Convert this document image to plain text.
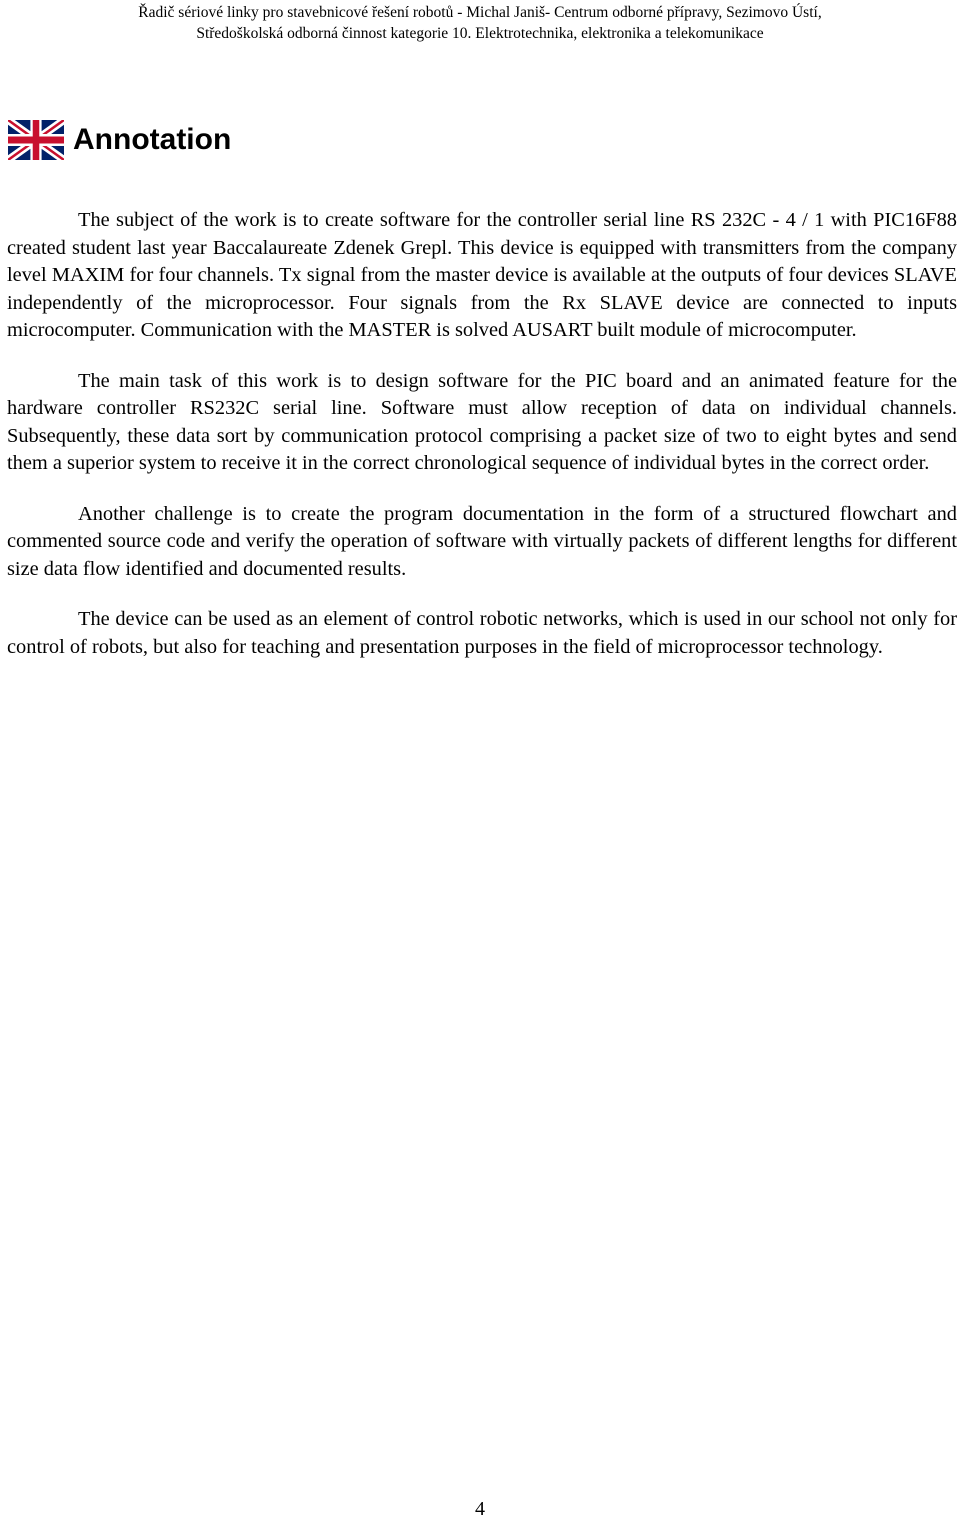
Řadič sériové linky pro stavebnicové řešení robotů - Michal Janiš- Centrum odborné přípravy, Sezimovo Ústí,
Středoškolská odborná činnost kategorie 10. Elektrotechnika, elektronika a telekomunikace
Annotation

The subject of the work is to create software for the controller serial line RS 232C - 4 / 1 with PIC16F88 created student last year Baccalaureate Zdenek Grepl. This device is equipped with transmitters from the company level MAXIM for four channels. Tx signal from the master device is available at the outputs of four devices SLAVE independently of the microprocessor. Four signals from the Rx SLAVE device are connected to inputs microcomputer. Communication with the MASTER is solved AUSART built module of microcomputer.

The main task of this work is to design software for the PIC board and an animated feature for the hardware controller RS232C serial line. Software must allow reception of data on individual channels. Subsequently, these data sort by communication protocol comprising a packet size of two to eight bytes and send them a superior system to receive it in the correct chronological sequence of individual bytes in the correct order.

Another challenge is to create the program documentation in the form of a structured flowchart and commented source code and verify the operation of software with virtually packets of different lengths for different size data flow identified and documented results.

The device can be used as an element of control robotic networks, which is used in our school not only for control of robots, but also for teaching and presentation purposes in the field of microprocessor technology.

4
